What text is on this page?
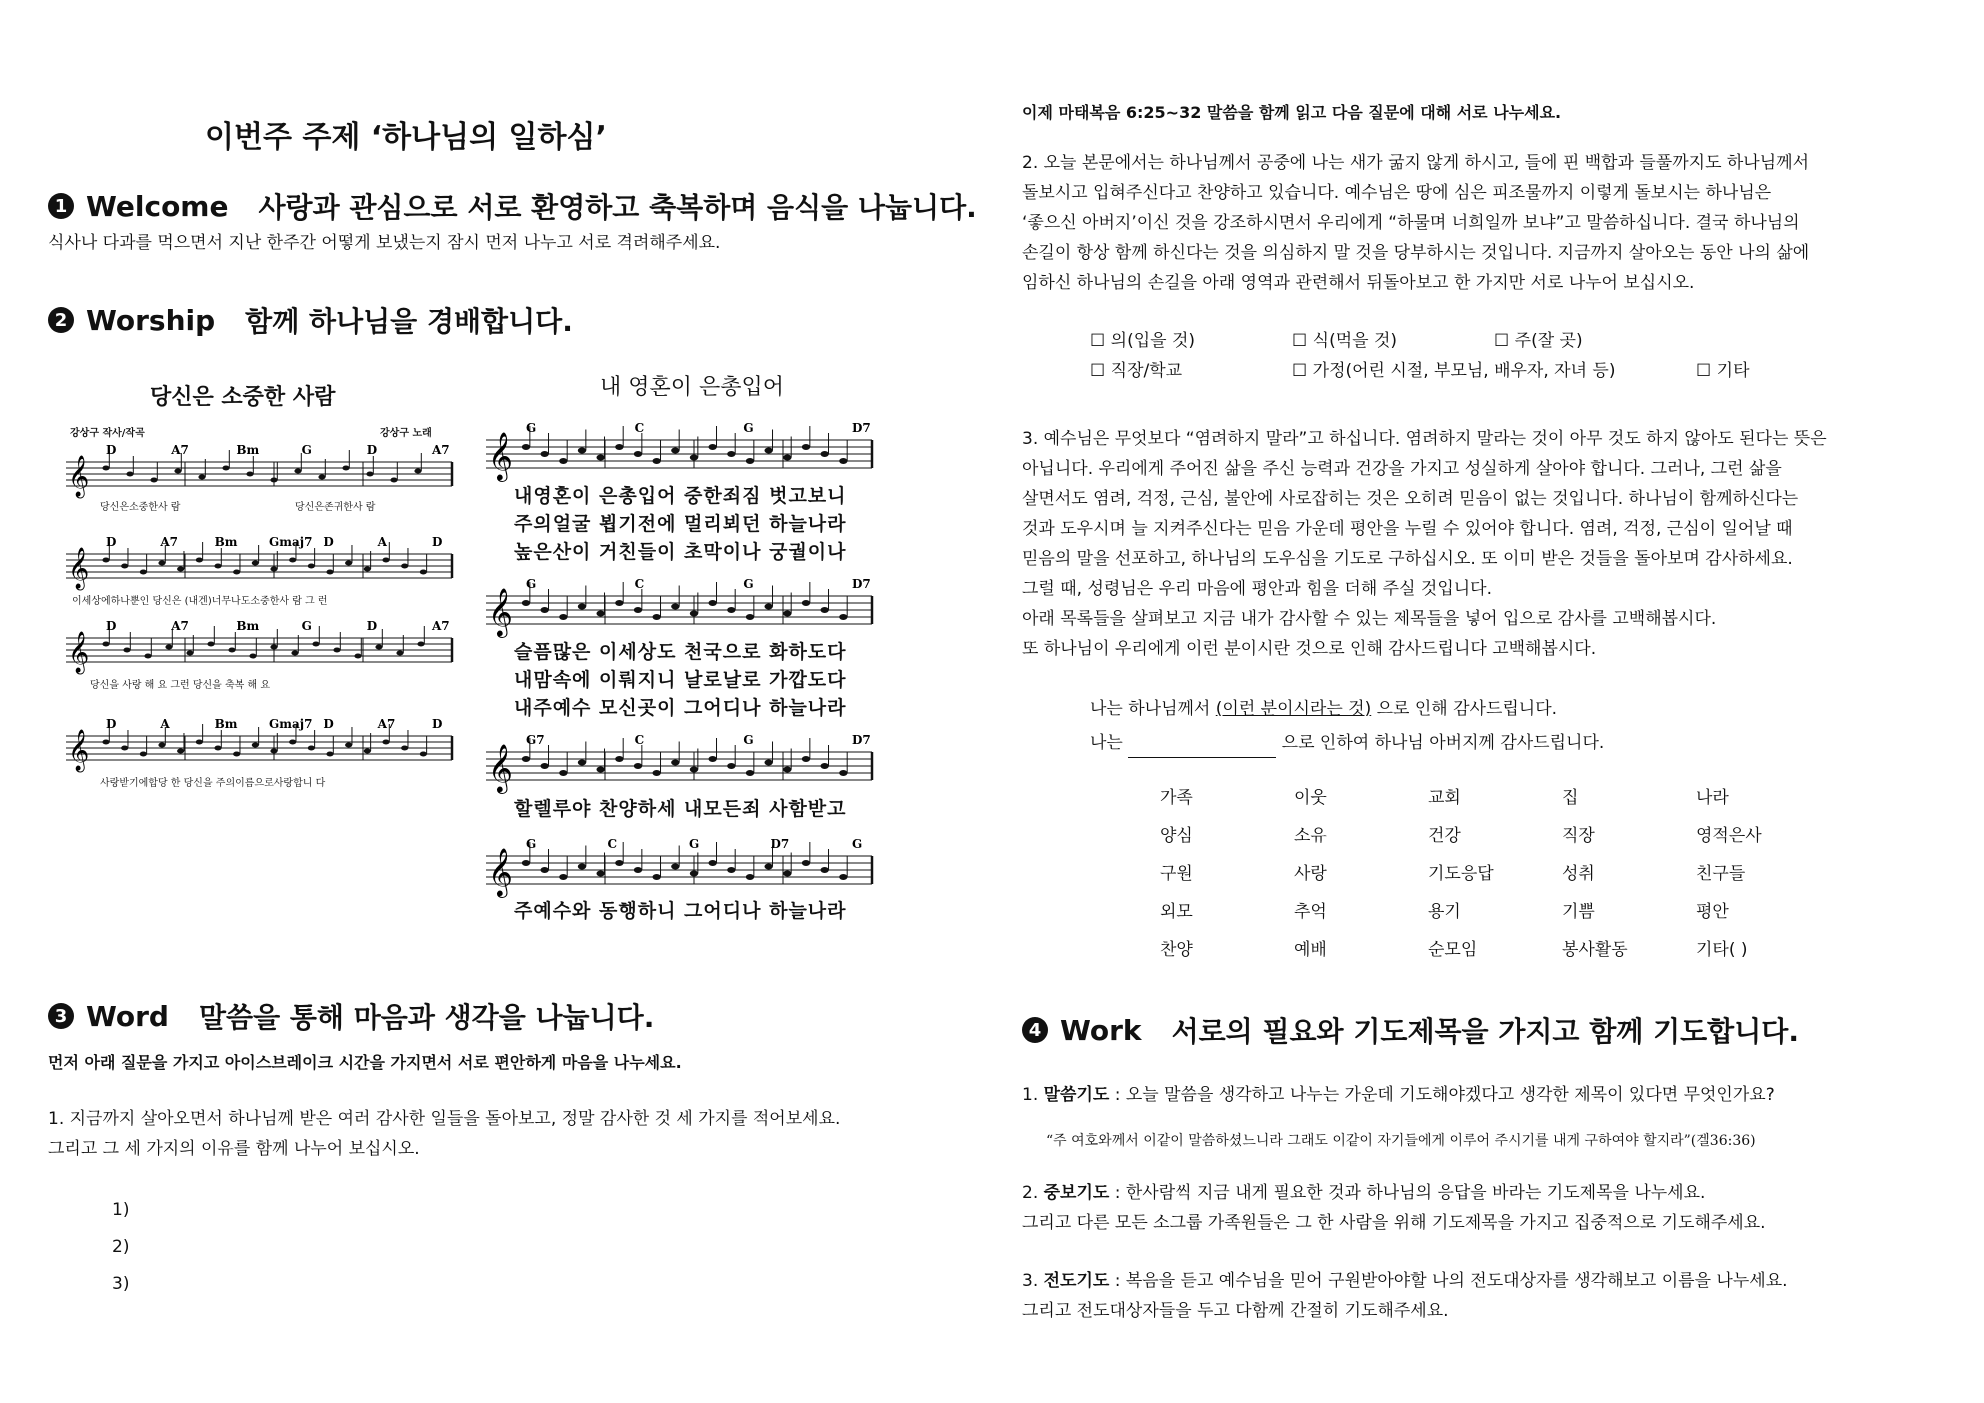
이번주 주제 ‘하나님의 일하심’
1 Welcome 사랑과 관심으로 서로 환영하고 축복하며 음식을 나눕니다.
식사나 다과를 먹으면서 지난 한주간 어떻게 보냈는지 잠시 먼저 나누고 서로 격려해주세요.
2 Worship 함께 하나님을 경배합니다.
당신은 소중한 사람
강상구 작사/작곡	강상구 노래
𝄞
D	A7	Bm	G	D	A7
𝄞
D	A7	Bm	Gmaj7 D	A	D
𝄞
D	A7	Bm	G	D	A7
𝄞
D	A	Bm	Gmaj7 D	A7	D
당신은소중한사 람	당신은존귀한사 람
이세상에하나뿐인 당신은 (내겐)너무나도소중한사 람 그 런
당신을 사랑 해 요 그런 당신을 축복 해 요
사랑받기에합당 한 당신을 주의이름으로사랑합니 다
내 영혼이 은총입어
𝄞
G	C	G	D7
𝄞
G	C	G	D7
𝄞
G7	C	G	D7
𝄞
G	C	G	D7	G
내영혼이 은총입어 중한죄짐 벗고보니
주의얼굴 뵙기전에 멀리뵈던 하늘나라
높은산이 거친들이 초막이나 궁궐이나
슬픔많은 이세상도 천국으로 화하도다
내맘속에 이뤄지니 날로날로 가깝도다
내주예수 모신곳이 그어디나 하늘나라
할렐루야 찬양하세 내모든죄 사함받고
주예수와 동행하니 그어디나 하늘나라
3 Word 말씀을 통해 마음과 생각을 나눕니다.
먼저 아래 질문을 가지고 아이스브레이크 시간을 가지면서 서로 편안하게 마음을 나누세요.
1. 지금까지 살아오면서 하나님께 받은 여러 감사한 일들을 돌아보고, 정말 감사한 것 세 가지를 적어보세요.
그리고 그 세 가지의 이유를 함께 나누어 보십시오.
1)
2)
3)
이제 마태복음 6:25~32 말씀을 함께 읽고 다음 질문에 대해 서로 나누세요.
2. 오늘 본문에서는 하나님께서 공중에 나는 새가 굶지 않게 하시고, 들에 핀 백합과 들풀까지도 하나님께서
돌보시고 입혀주신다고 찬양하고 있습니다. 예수님은 땅에 심은 피조물까지 이렇게 돌보시는 하나님은
‘좋으신 아버지’이신 것을 강조하시면서 우리에게 “하물며 너희일까 보냐”고 말씀하십니다. 결국 하나님의
손길이 항상 함께 하신다는 것을 의심하지 말 것을 당부하시는 것입니다. 지금까지 살아오는 동안 나의 삶에
임하신 하나님의 손길을 아래 영역과 관련해서 뒤돌아보고 한 가지만 서로 나누어 보십시오.
☐ 의(입을 것)	☐ 식(먹을 것)	☐ 주(잘 곳)
☐ 직장/학교	☐ 가정(어린 시절, 부모님, 배우자, 자녀 등)	☐ 기타
3. 예수님은 무엇보다 “염려하지 말라”고 하십니다. 염려하지 말라는 것이 아무 것도 하지 않아도 된다는 뜻은
아닙니다. 우리에게 주어진 삶을 주신 능력과 건강을 가지고 성실하게 살아야 합니다. 그러나, 그런 삶을
살면서도 염려, 걱정, 근심, 불안에 사로잡히는 것은 오히려 믿음이 없는 것입니다. 하나님이 함께하신다는
것과 도우시며 늘 지켜주신다는 믿음 가운데 평안을 누릴 수 있어야 합니다. 염려, 걱정, 근심이 일어날 때
믿음의 말을 선포하고, 하나님의 도우심을 기도로 구하십시오. 또 이미 받은 것들을 돌아보며 감사하세요.
그럴 때, 성령님은 우리 마음에 평안과 힘을 더해 주실 것입니다.
아래 목록들을 살펴보고 지금 내가 감사할 수 있는 제목들을 넣어 입으로 감사를 고백해봅시다.
또 하나님이 우리에게 이런 분이시란 것으로 인해 감사드립니다 고백해봅시다.
나는 하나님께서 (이런 분이시라는 것) 으로 인해 감사드립니다.
나는	으로 인하여 하나님 아버지께 감사드립니다.
가족	이웃	교회	집	나라
양심	소유	건강	직장	영적은사
구원	사랑	기도응답	성취	친구들
외모	추억	용기	기쁨	평안
찬양	예배	순모임	봉사활동	기타( )
4 Work 서로의 필요와 기도제목을 가지고 함께 기도합니다.
1. 말씀기도 : 오늘 말씀을 생각하고 나누는 가운데 기도해야겠다고 생각한 제목이 있다면 무엇인가요?
“주 여호와께서 이같이 말씀하셨느니라 그래도 이같이 자기들에게 이루어 주시기를 내게 구하여야 할지라”(겔36:36)
2. 중보기도 : 한사람씩 지금 내게 필요한 것과 하나님의 응답을 바라는 기도제목을 나누세요.
그리고 다른 모든 소그룹 가족원들은 그 한 사람을 위해 기도제목을 가지고 집중적으로 기도해주세요.
3. 전도기도 : 복음을 듣고 예수님을 믿어 구원받아야할 나의 전도대상자를 생각해보고 이름을 나누세요.
그리고 전도대상자들을 두고 다함께 간절히 기도해주세요.
